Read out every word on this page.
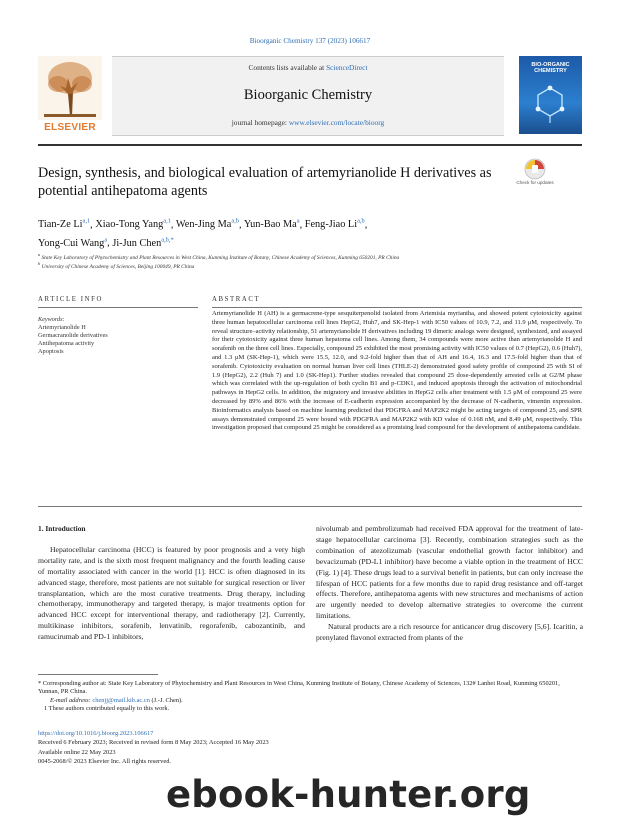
Bioorganic Chemistry 137 (2023) 106617
ELSEVIER
Contents lists available at ScienceDirect
Bioorganic Chemistry
journal homepage: www.elsevier.com/locate/bioorg
BIO-ORGANIC CHEMISTRY
Design, synthesis, and biological evaluation of artemyrianolide H derivatives as potential antihepatoma agents
Check for updates
Tian-Ze Li$^{a,1}$, Xiao-Tong Yang$^{a,1}$, Wen-Jing Ma$^{a,b}$, Yun-Bao Ma$^a$, Feng-Jiao Li$^{a,b}$,
Yong-Cui Wang$^a$, Ji-Jun Chen$^{a,b,*}$
$^a$ State Key Laboratory of Phytochemistry and Plant Resources in West China, Kunming Institute of Botany, Chinese Academy of Sciences, Kunming 650201, PR China
$^b$ University of Chinese Academy of Sciences, Beijing 100049, PR China
ARTICLE INFO	ABSTRACT
Keywords:
Artemyrianolide H
Germacranolide derivatives
Antihepatoma activity
Apoptosis
Artemyrianolide H (AH) is a germacrene-type sesquiterpenolid isolated from Artemisia myriantha, and showed potent cytotoxicity against three human hepatocellular carcinoma cell lines HepG2, Huh7, and SK-Hep-1 with IC50 values of 10.9, 7.2, and 11.9 μM, respectively. To reveal structure–activity relationship, 51 artemyrianolide H derivatives including 19 dimeric analogs were designed, synthesized, and assayed for their cytotoxicity against three human hepatoma cell lines. Among them, 34 compounds were more active than artemyrianolide H and sorafenib on the three cell lines. Especially, compound 25 exhibited the most promising activity with IC50 values of 0.7 (HepG2), 0.6 (Huh7), and 1.3 μM (SK-Hep-1), which were 15.5, 12.0, and 9.2-fold higher than that of AH and 16.4, 16.3 and 17.5-fold higher than that of sorafenib. Cytotoxicity evaluation on normal human liver cell lines (THLE-2) demonstrated good safety profile of compound 25 with SI of 1.9 (HepG2), 2.2 (Huh 7) and 1.0 (SK-Hep1). Further studies revealed that compound 25 dose-dependently arrested cells at G2/M phase which was correlated with the up-regulation of both cyclin B1 and p-CDK1, and induced apoptosis through the activation of mitochondrial pathways in HepG2 cells. In addition, the migratory and invasive abilities in HepG2 cells after treatment with 1.5 μM of compound 25 were decreased by 89% and 86% with the increase of E-cadherin expression accompanied by the decrease of N-cadherin, vimentin expression. Bioinformatics analysis based on machine learning predicted that PDGFRA and MAP2K2 might be acting targets of compound 25, and SPR assays demonstrated compound 25 were bound with PDGFRA and MAP2K2 with KD value of 0.168 nM, and 8.49 μM, respectively. This investigation proposed that compound 25 might be considered as a promising lead compound for the development of antihepatoma candidate.

1. Introduction

Hepatocellular carcinoma (HCC) is featured by poor prognosis and a very high mortality rate, and is the sixth most frequent malignancy and the fourth leading cause of mortality associated with cancer in the world [1]. HCC is often diagnosed in its advanced stage, therefore, most patients are not suitable for surgical resection or liver transplantation, which are the most curative treatments. Drug therapy, including chemotherapy, immunotherapy and targeted therapy, is major treatments option for advanced HCC except for interventional therapy, and radiotherapy [2]. Currently, multikinase inhibitors, sorafenib, lenvatinib, regorafenib, cabozantinib, and ramucirumab and PD-1 inhibitors,

nivolumab and pembrolizumab had received FDA approval for the treatment of late-stage hepatocellular carcinoma [3]. Recently, combination strategies such as the combination of atezolizumab (vascular endothelial growth factor inhibitor) and bevacizumab (PD-L1 inhibitor) have become a viable option in the treatment of HCC (Fig. 1) [4]. These drugs lead to a survival benefit in patients, but can only increase the lifespan of HCC patients for a few months due to rapid drug resistance and off-target effects. Therefore, antihepatoma agents with new structures and mechanisms of action are urgently needed to develop alternative strategies to overcome the current limitations.

Natural products are a rich resource for anticancer drug discovery [5,6]. Icaritin, a prenylated flavonol extracted from plants of the

* Corresponding author at: State Key Laboratory of Phytochemistry and Plant Resources in West China, Kunming Institute of Botany, Chinese Academy of Sciences, 132# Lanhei Road, Kunming 650201, Yunnan, PR China.
E-mail address: chenjj@mail.kib.ac.cn (J.-J. Chen).
1 These authors contributed equally to this work.
https://doi.org/10.1016/j.bioorg.2023.106617
Received 6 February 2023; Received in revised form 8 May 2023; Accepted 16 May 2023
Available online 22 May 2023
0045-2068/© 2023 Elsevier Inc. All rights reserved.
ebook-hunter.org
